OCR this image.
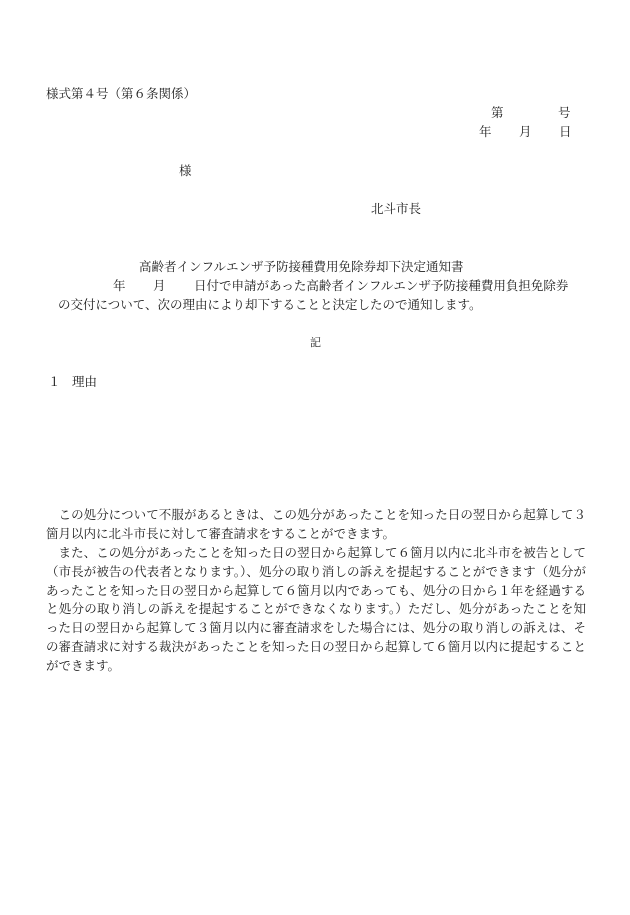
様式第４号（第６条関係）
第	号
年 月 日
様
北斗市長
高齢者インフルエンザ予防接種費用免除券却下決定通知書
年 月 日付で申請があった高齢者インフルエンザ予防接種費用負担免除券
の交付について、次の理由により却下することと決定したので通知します。
記
１ 理由
この処分について不服があるときは、この処分があったことを知った日の翌日から起算して３箇月以内に北斗市長に対して審査請求をすることができます。
また、この処分があったことを知った日の翌日から起算して６箇月以内に北斗市を被告として（市長が被告の代表者となります。）、処分の取り消しの訴えを提起することができます（処分があったことを知った日の翌日から起算して６箇月以内であっても、処分の日から１年を経過すると処分の取り消しの訴えを提起することができなくなります。）ただし、処分があったことを知った日の翌日から起算して３箇月以内に審査請求をした場合には、処分の取り消しの訴えは、その審査請求に対する裁決があったことを知った日の翌日から起算して６箇月以内に提起することができます。
